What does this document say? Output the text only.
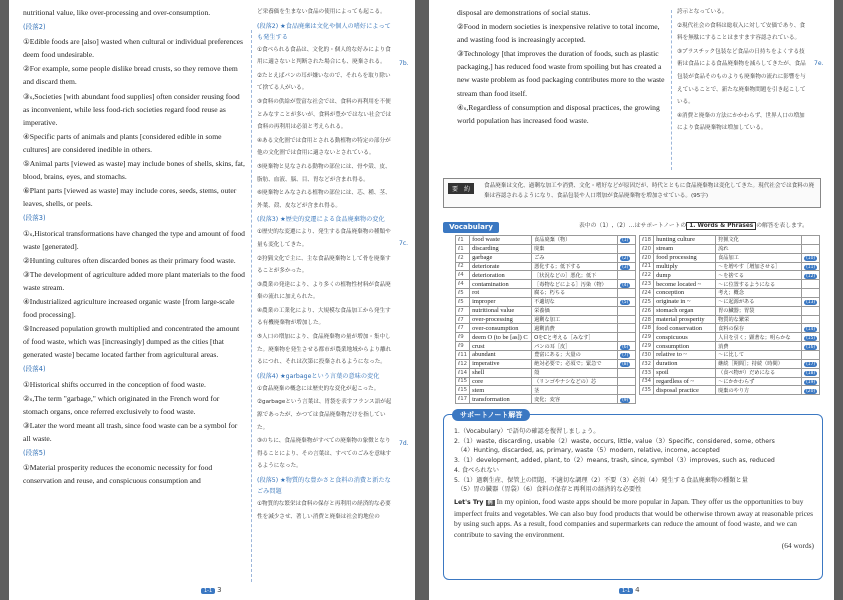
nutritional value, like over-processing and over-consumption.

(段落2)

①Edible foods are [also] wasted when cultural or individual preferences deem food undesirable.

②For example, some people dislike bread crusts, so they remove them and discard them.

③ₛ,Societies [with abundant food supplies] often consider reusing food as inconvenient, while less food-rich societies regard food reuse as imperative.

④Specific parts of animals and plants [considered edible in some cultures] are considered inedible in others.

⑤Animal parts [viewed as waste] may include bones of shells, skins, fat, blood, brains, eyes, and stomachs.

⑥Plant parts [viewed as waste] may include cores, seeds, stems, outer leaves, shells, or peels.

(段落3)

①ₛ,Historical transformations have changed the type and amount of food waste [generated].

②Hunting cultures often discarded bones as their primary food waste.

③The development of agriculture added more plant materials to the food waste stream.

④Industrialized agriculture increased organic waste [from large-scale food processing].

⑤Increased population growth multiplied and concentrated the amount of food waste, which was [increasingly] dumped as the cities [that generated waste] became located farther from agricultural areas.

(段落4)

①Historical shifts occurred in the conception of food waste.

②ₛ,The term "garbage," which originated in the French word for stomach organs, once referred exclusively to food waste.

③Later the word meant all trash, since food waste can be a symbol for all waste.

(段落5)

①Material prosperity reduces the economic necessity for food conservation and reuse, and conspicuous consumption and

ど栄養価を生まない食品の使用によっても起こる。

(段落2) ★食品廃棄は文化や個人の嗜好によっても発生する

①食べられる食品は、文化的・個人的な好みにより食用に適さないと判断された場合にも、廃棄される。

②たとえばパンの耳が嫌いなので、それらを取り除いて捨てる人がいる。

③食料の供給が豊富な社会では、食料の再利用を不便とみなすことが多いが、食料が豊かではない社会では食料の再利用は必須と考えられる。

④ある文化圏では食用とされる動植物の特定の部分が他の文化圏では食用に適さないとされている。

⑤廃棄物と見なされる動物の部位には、骨や殻、皮、脂肪、血液、脳、目、胃などが含まれ得る。

⑥廃棄物とみなされる植物の部位には、芯、種、茎、外葉、殻、皮などが含まれ得る。

(段落3) ★歴史的変遷による食品廃棄物の変化

①歴史的な変遷により、発生する食品廃棄物の種類や量も変化してきた。

②狩猟文化で主に、主な食品廃棄物として骨を廃棄することが多かった。

③農業の発達により、より多くの植物性材料が食品廃棄の流れに加えられた。

④農業の工業化により、大規模な食品加工から発生する有機廃棄物が増加した。

⑤人口の増加により、食品廃棄物の量が増加・集中した。廃棄物を発生させる都市が農業地域からより離れるにつれ、それは次第に投棄されるようになった。

(段落4) ★garbageという言葉の意味の変化

①食品廃棄の概念には歴史的な変化が起こった。

②garbageという言葉は、胃袋を表すフランス語が起源であったが、かつては食品廃棄物だけを指していた。

③のちに、食品廃棄物がすべての廃棄物の象徴となり得ることにより、その言葉は、すべてのごみを意味するようになった。

(段落5) ★物質的な豊かさと食料の消費と新たなごみ問題

①物質的な繁栄は食料の保存と再利用の経済的な必要性を減少させ、著しい消費と廃棄は社会的地位の

7b.
7c.
7d.
1-1 3

disposal are demonstrations of social status.

②Food in modern societies is inexpensive relative to total income, and wasting food is increasingly accepted.

③Technology [that improves the duration of foods, such as plastic packaging,] has reduced food waste from spoiling but has created a new waste problem as food packaging contributes more to the waste stream than food itself.

④ₛ,Regardless of consumption and disposal practices, the growing world population has increased food waste.

誇示となっている。

②現代社会の食料は総収入に対して安価であり、食料を無駄にすることはますます容認されている。

③プラスチック包装など食品の日持ちをよくする技術は食品による食品廃棄物を減らしてきたが、食品包装が食品そのものよりも廃棄物の流れに影響を与えていることで、新たな廃棄物問題を引き起こしている。

④消費と廃棄の方法にかかわらず、世界人口の増加により食品廃棄物は増加している。

7e.
要　約	食品廃棄は文化、過剰な加工や消費、文化・嗜好などが原因だが、時代とともに食品廃棄物は変化してきた。現代社会では食料の廃棄は容認されるようになり、食品包装や人口増加が食品廃棄物を増加させている。(95字)
Vocabulary	表中の（1）,（2）…はサポートノートの 1. Words & Phrases の解答を表します。
ℓ1	food waste	食品廃棄（物）	(1)
ℓ1	discarding	廃棄	
ℓ2	garbage	ごみ	(2)
ℓ2	deteriorate	悪化する；低下する	(3)
ℓ4	deterioration	［状況などの］悪化；低下	
ℓ4	contamination	［毒物などによる］汚染（物）	(4)
ℓ5	rot	腐る；朽ちる	
ℓ5	improper	不適切な	(5)
ℓ7	nutritional value	栄養価	
ℓ7	over-processing	過剰な加工	
ℓ7	over-consumption	過剰消費	
ℓ9	deem O (to be [as]) C	OをCと考える［みなす］	
ℓ9	crust	パンの耳［皮］	(6)
ℓ11	abundant	豊富にある；大量の	(7)
ℓ12	imperative	絶対必要で；必須で；緊急で	(8)
ℓ14	shell	殻	
ℓ15	core	（リンゴやナシなどの）芯	
ℓ15	stem	茎	
ℓ17	transformation	変化；変容	(9)
ℓ18	hunting culture	狩猟文化	
ℓ20	stream	流れ	
ℓ20	food processing	食品加工	(10)
ℓ21	multiply	～を増やす［増加させる］	(11)
ℓ22	dump	～を捨てる	(12)
ℓ23	become located ~	～に位置するようになる	
ℓ24	conception	考え；概念	
ℓ25	originate in ~	～に起源がある	(13)
ℓ26	stomach organ	胃の臓器；胃袋	
ℓ28	material prosperity	物質的な繁栄	
ℓ28	food conservation	食料の保存	(14)
ℓ29	conspicuous	人目を引く；顕著な；明らかな	(15)
ℓ29	consumption	消費	(16)
ℓ30	relative to ~	～に比して	
ℓ32	duration	継続［期間］；持続（時間）	(17)
ℓ33	spoil	（食べ物が）だめになる	(18)
ℓ34	regardless of ~	～にかかわらず	(19)
ℓ35	disposal practice	廃棄のやり方	(20)
サポートノート解答
1.（Vocabulary）で語句の確認を復習しましょう。
2.（1）waste, discarding, usable（2）waste, occurs, little, value（3）Specific, considered, some, others
　（4）Hunting, discarded, as, primary, waste（5）modern, relative, income, accepted
3.（1）development, added, plant, to（2）means, trash, since, symbol（3）improves, such as, reduced
4. 食べられない
5.（1）過剰生産、保管上の問題、不適切な調理（2）不要（3）必須（4）発生する食品廃棄物の種類と量
　（5）胃の臓器（胃袋）（6）食料の保存と再利用の経済的な必要性
Let's Try 例 In my opinion, food waste apps should be more popular in Japan. They offer us the opportunities to buy imperfect fruits and vegetables. We can also buy food products that would be otherwise thrown away at reasonable prices by using such apps. As a result, food companies and supermarkets can reduce the amount of food waste, and we can contribute to saving the environment.
(64 words)
1-1 4
